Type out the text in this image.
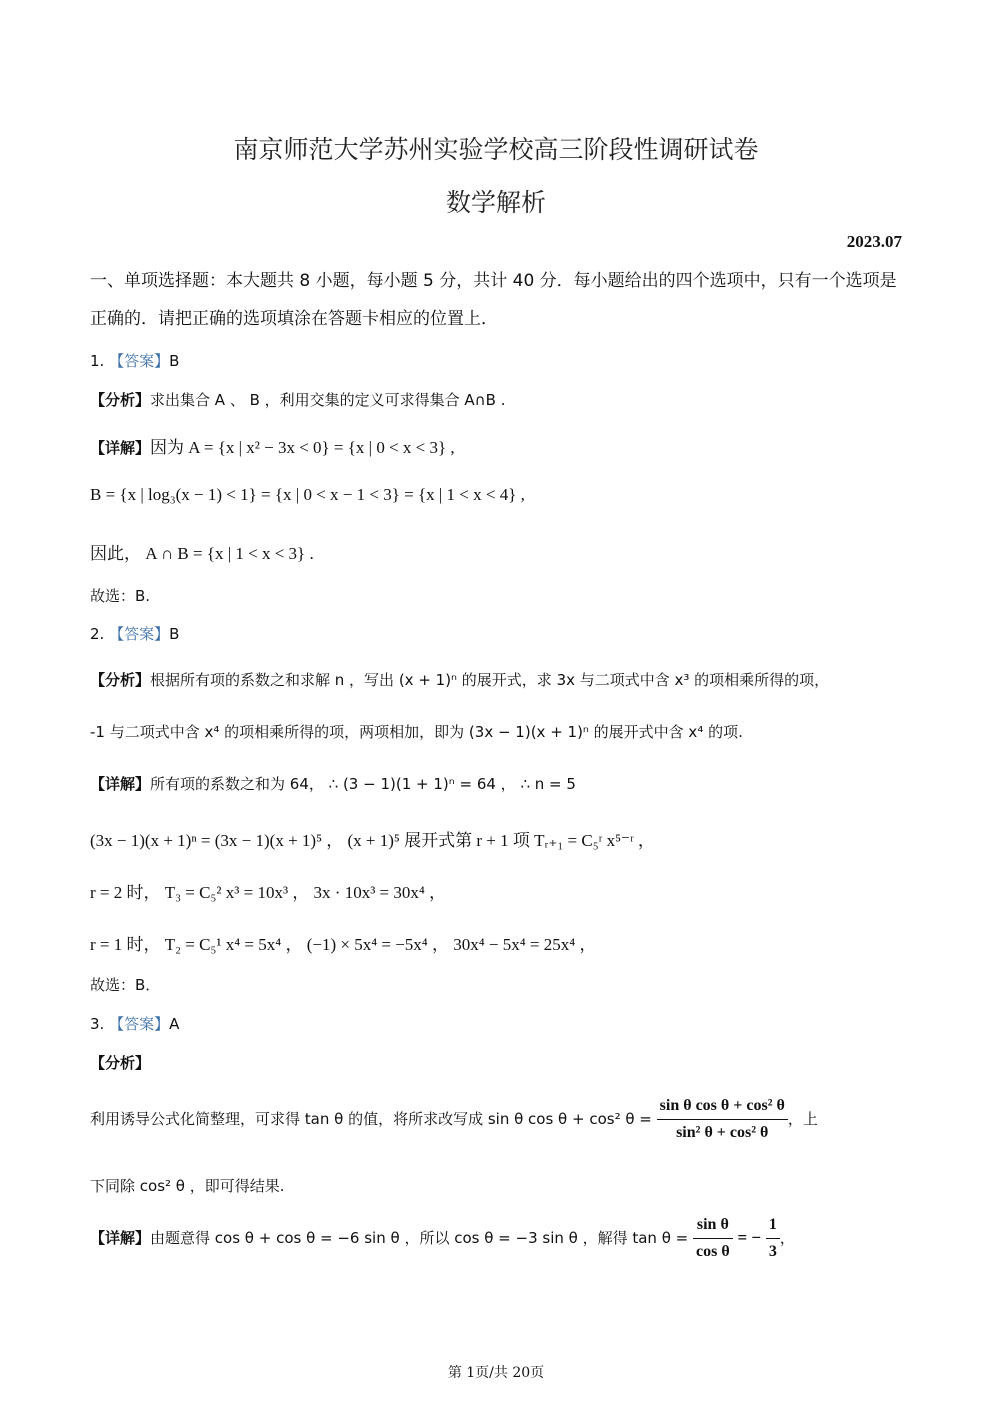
南京师范大学苏州实验学校高三阶段性调研试卷
数学解析
2023.07
一、单项选择题：本大题共 8 小题，每小题 5 分，共计 40 分．每小题给出的四个选项中，只有一个选项是正确的．请把正确的选项填涂在答题卡相应的位置上．
1. 【答案】B
【分析】求出集合 A 、 B ，利用交集的定义可求得集合 A∩B .
【详解】因为 A = {x | x² − 3x < 0} = {x | 0 < x < 3} ,
B = {x | log₃(x − 1) < 1} = {x | 0 < x − 1 < 3} = {x | 1 < x < 4} ,
因此， A ∩ B = {x | 1 < x < 3} .
故选：B.
2. 【答案】B
【分析】根据所有项的系数之和求解 n ，写出 (x + 1)ⁿ 的展开式，求 3x 与二项式中含 x³ 的项相乘所得的项，
-1 与二项式中含 x⁴ 的项相乘所得的项，两项相加，即为 (3x − 1)(x + 1)ⁿ 的展开式中含 x⁴ 的项.
【详解】所有项的系数之和为 64， ∴ (3 − 1)(1 + 1)ⁿ = 64 ， ∴ n = 5
(3x − 1)(x + 1)ⁿ = (3x − 1)(x + 1)⁵ ， (x + 1)⁵ 展开式第 r + 1 项 Tᵣ₊₁ = C₅ʳ x⁵⁻ʳ ，
r = 2 时， T₃ = C₅² x³ = 10x³ ， 3x · 10x³ = 30x⁴ ，
r = 1 时， T₂ = C₅¹ x⁴ = 5x⁴ ， (−1) × 5x⁴ = −5x⁴ ， 30x⁴ − 5x⁴ = 25x⁴ ，
故选：B．
3. 【答案】A
【分析】
利用诱导公式化简整理，可求得 tan θ 的值，将所求改写成 sin θ cos θ + cos² $\theta = \frac{\text{sin θ cos θ + cos² θ}}{\text{sin² θ + cos² θ}}$ ，上
下同除 cos² θ ，即可得结果.
【详解】由题意得 cos θ + cos θ = −6 sin θ ，所以 cos θ = −3 sin θ ，解得 $\tan \theta = \frac{\text{sin θ}}{\text{cos θ}}$ = − $\frac{1}{3}$ ，
第 1页/共 20页
